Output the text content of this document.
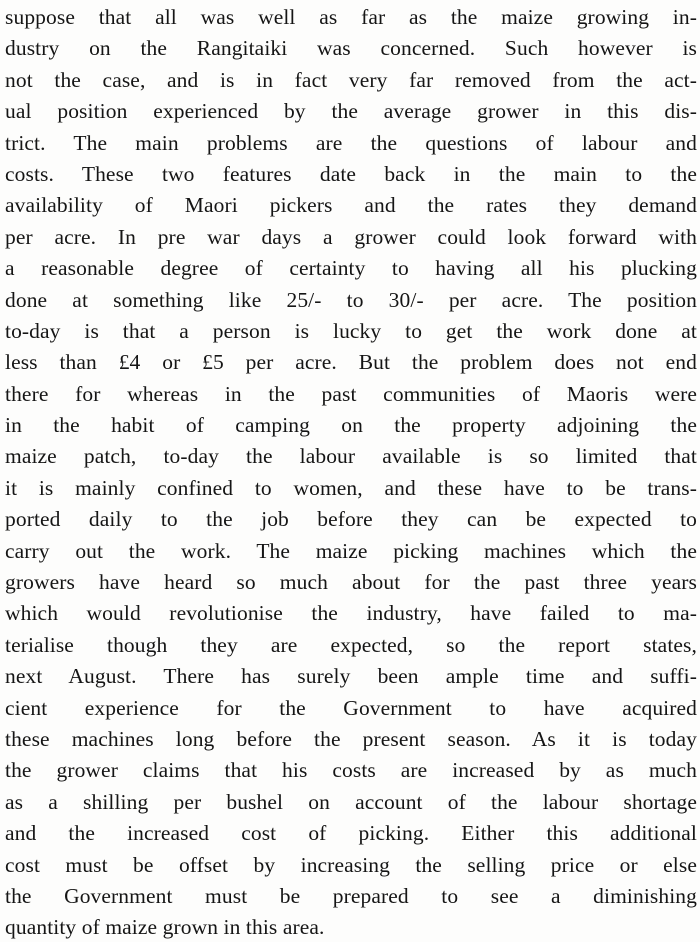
suppose that all was well as far as the maize growing in-
dustry on the Rangitaiki was concerned. Such however is
not the case, and is in fact very far removed from the act-
ual position experienced by the average grower in this dis-
trict. The main problems are the questions of labour and
costs. These two features date back in the main to the
availability of Maori pickers and the rates they demand
per acre. In pre war days a grower could look forward with
a reasonable degree of certainty to having all his plucking
done at something like 25/- to 30/- per acre. The position
to-day is that a person is lucky to get the work done at
less than £4 or £5 per acre. But the problem does not end
there for whereas in the past communities of Maoris were
in the habit of camping on the property adjoining the
maize patch, to-day the labour available is so limited that
it is mainly confined to women, and these have to be trans-
ported daily to the job before they can be expected to
carry out the work. The maize picking machines which the
growers have heard so much about for the past three years
which would revolutionise the industry, have failed to ma-
terialise though they are expected, so the report states,
next August. There has surely been ample time and suffi-
cient experience for the Government to have acquired
these machines long before the present season. As it is today
the grower claims that his costs are increased by as much
as a shilling per bushel on account of the labour shortage
and the increased cost of picking. Either this additional
cost must be offset by increasing the selling price or else
the Government must be prepared to see a diminishing
quantity of maize grown in this area.
